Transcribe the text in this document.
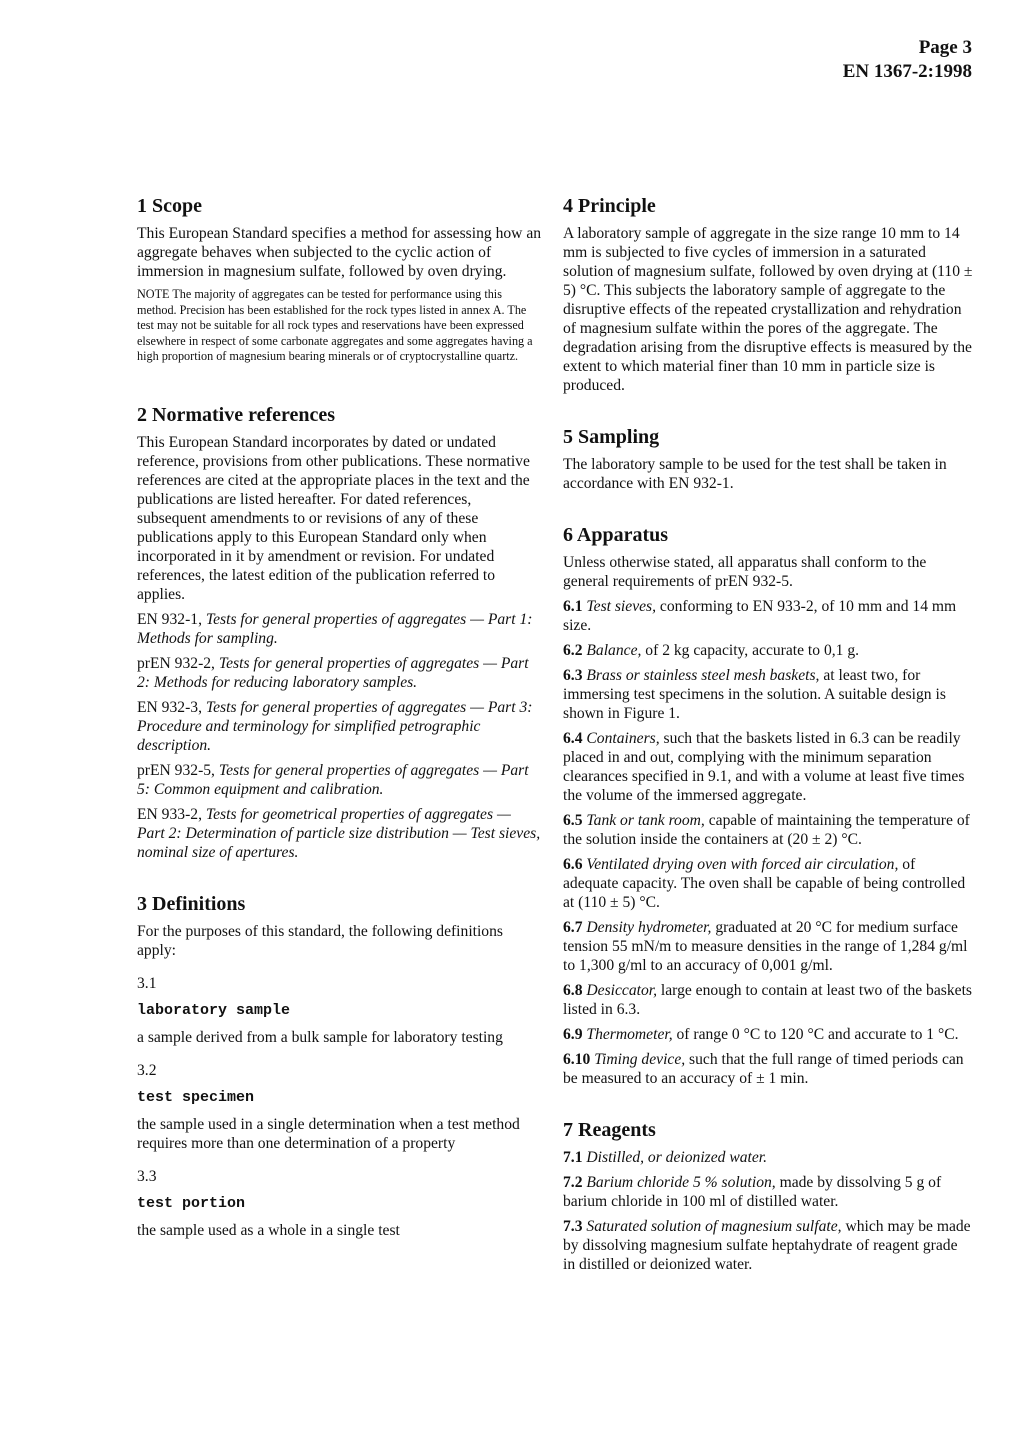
Page 3
EN 1367-2:1998
1 Scope

This European Standard specifies a method for assessing how an aggregate behaves when subjected to the cyclic action of immersion in magnesium sulfate, followed by oven drying.

NOTE The majority of aggregates can be tested for performance using this method. Precision has been established for the rock types listed in annex A. The test may not be suitable for all rock types and reservations have been expressed elsewhere in respect of some carbonate aggregates and some aggregates having a high proportion of magnesium bearing minerals or of cryptocrystalline quartz.

2 Normative references

This European Standard incorporates by dated or undated reference, provisions from other publications. These normative references are cited at the appropriate places in the text and the publications are listed hereafter. For dated references, subsequent amendments to or revisions of any of these publications apply to this European Standard only when incorporated in it by amendment or revision. For undated references, the latest edition of the publication referred to applies.

EN 932-1, Tests for general properties of aggregates — Part 1: Methods for sampling.

prEN 932-2, Tests for general properties of aggregates — Part 2: Methods for reducing laboratory samples.

EN 932-3, Tests for general properties of aggregates — Part 3: Procedure and terminology for simplified petrographic description.

prEN 932-5, Tests for general properties of aggregates — Part 5: Common equipment and calibration.

EN 933-2, Tests for geometrical properties of aggregates — Part 2: Determination of particle size distribution — Test sieves, nominal size of apertures.

3 Definitions

For the purposes of this standard, the following definitions apply:

3.1
laboratory sample

a sample derived from a bulk sample for laboratory testing

3.2
test specimen

the sample used in a single determination when a test method requires more than one determination of a property

3.3
test portion

the sample used as a whole in a single test

4 Principle

A laboratory sample of aggregate in the size range 10 mm to 14 mm is subjected to five cycles of immersion in a saturated solution of magnesium sulfate, followed by oven drying at (110 ± 5) °C. This subjects the laboratory sample of aggregate to the disruptive effects of the repeated crystallization and rehydration of magnesium sulfate within the pores of the aggregate. The degradation arising from the disruptive effects is measured by the extent to which material finer than 10 mm in particle size is produced.

5 Sampling

The laboratory sample to be used for the test shall be taken in accordance with EN 932-1.

6 Apparatus

Unless otherwise stated, all apparatus shall conform to the general requirements of prEN 932-5.

6.1 Test sieves, conforming to EN 933-2, of 10 mm and 14 mm size.

6.2 Balance, of 2 kg capacity, accurate to 0,1 g.

6.3 Brass or stainless steel mesh baskets, at least two, for immersing test specimens in the solution. A suitable design is shown in Figure 1.

6.4 Containers, such that the baskets listed in 6.3 can be readily placed in and out, complying with the minimum separation clearances specified in 9.1, and with a volume at least five times the volume of the immersed aggregate.

6.5 Tank or tank room, capable of maintaining the temperature of the solution inside the containers at (20 ± 2) °C.

6.6 Ventilated drying oven with forced air circulation, of adequate capacity. The oven shall be capable of being controlled at (110 ± 5) °C.

6.7 Density hydrometer, graduated at 20 °C for medium surface tension 55 mN/m to measure densities in the range of 1,284 g/ml to 1,300 g/ml to an accuracy of 0,001 g/ml.

6.8 Desiccator, large enough to contain at least two of the baskets listed in 6.3.

6.9 Thermometer, of range 0 °C to 120 °C and accurate to 1 °C.

6.10 Timing device, such that the full range of timed periods can be measured to an accuracy of ± 1 min.

7 Reagents

7.1 Distilled, or deionized water.

7.2 Barium chloride 5 % solution, made by dissolving 5 g of barium chloride in 100 ml of distilled water.

7.3 Saturated solution of magnesium sulfate, which may be made by dissolving magnesium sulfate heptahydrate of reagent grade in distilled or deionized water.
